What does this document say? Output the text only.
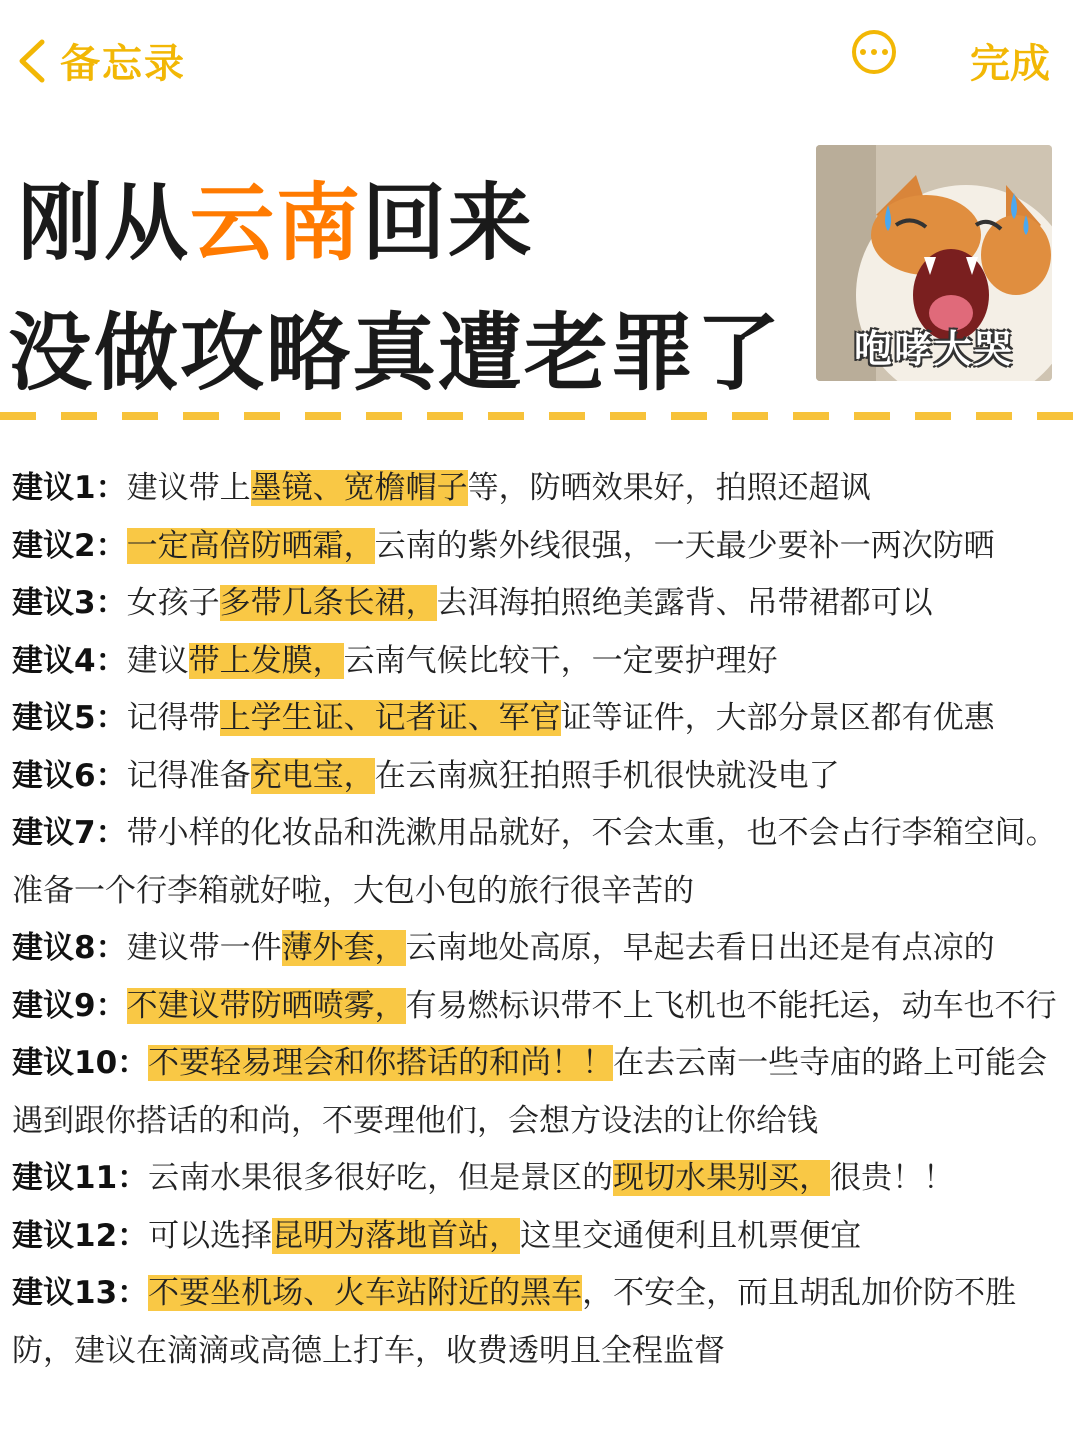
备忘录	完成
刚从云南回来
没做攻略真遭老罪了	咆哮大哭
建议1：建议带上墨镜、宽檐帽子等，防晒效果好，拍照还超讽
建议2：一定高倍防晒霜，云南的紫外线很强，一天最少要补一两次防晒
建议3：女孩子多带几条长裙，去洱海拍照绝美露背、吊带裙都可以
建议4：建议带上发膜，云南气候比较干，一定要护理好
建议5：记得带上学生证、记者证、军官证等证件，大部分景区都有优惠
建议6：记得准备充电宝，在云南疯狂拍照手机很快就没电了
建议7：带小样的化妆品和洗漱用品就好，不会太重，也不会占行李箱空间。准备一个行李箱就好啦，大包小包的旅行很辛苦的
建议8：建议带一件薄外套，云南地处高原，早起去看日出还是有点凉的
建议9：不建议带防晒喷雾，有易燃标识带不上飞机也不能托运，动车也不行
建议10：不要轻易理会和你搭话的和尚！！在去云南一些寺庙的路上可能会遇到跟你搭话的和尚，不要理他们，会想方设法的让你给钱
建议11：云南水果很多很好吃，但是景区的现切水果别买，很贵！！
建议12：可以选择昆明为落地首站，这里交通便利且机票便宜
建议13：不要坐机场、火车站附近的黑车，不安全，而且胡乱加价防不胜防，建议在滴滴或高德上打车，收费透明且全程监督
